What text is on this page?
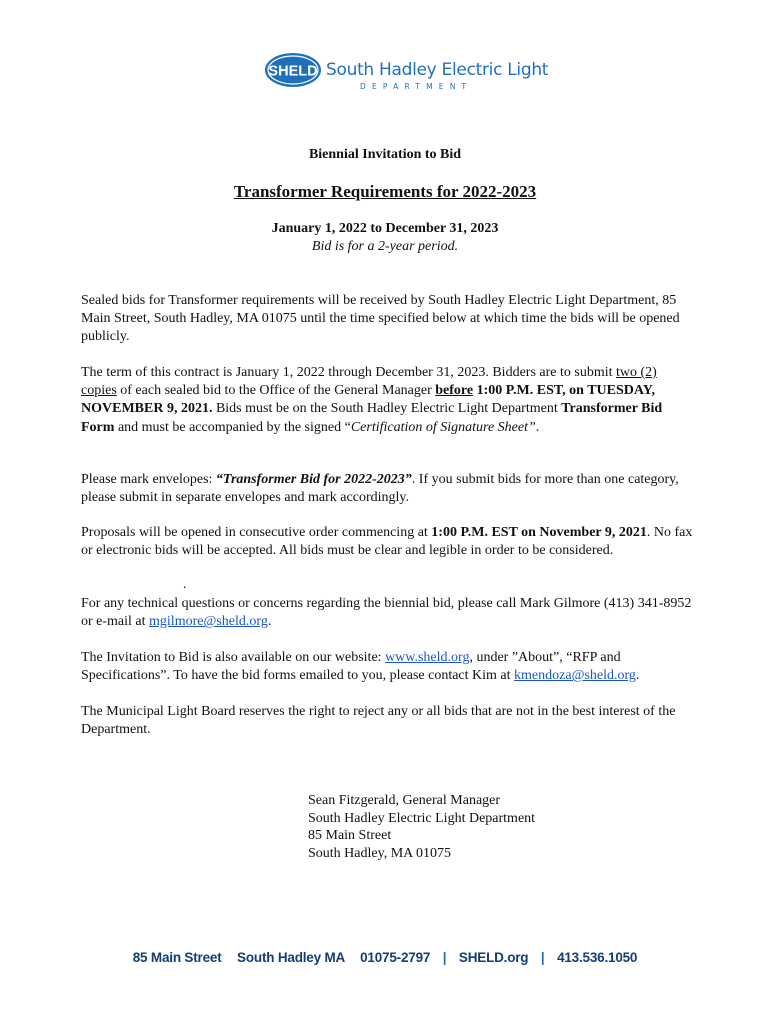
SHELD South Hadley Electric Light
DEPARTMENT
Biennial Invitation to Bid
Transformer Requirements for 2022-2023
January 1, 2022 to December 31, 2023
Bid is for a 2-year period.

Sealed bids for Transformer requirements will be received by South Hadley Electric Light Department, 85 Main Street, South Hadley, MA 01075 until the time specified below at which time the bids will be opened publicly.

The term of this contract is January 1, 2022 through December 31, 2023. Bidders are to submit two (2) copies of each sealed bid to the Office of the General Manager before 1:00 P.M. EST, on TUESDAY, NOVEMBER 9, 2021. Bids must be on the South Hadley Electric Light Department Transformer Bid Form and must be accompanied by the signed “Certification of Signature Sheet”.

Please mark envelopes: “Transformer Bid for 2022-2023”. If you submit bids for more than one category, please submit in separate envelopes and mark accordingly.

Proposals will be opened in consecutive order commencing at 1:00 P.M. EST on November 9, 2021. No fax or electronic bids will be accepted. All bids must be clear and legible in order to be considered.

.

For any technical questions or concerns regarding the biennial bid, please call Mark Gilmore (413) 341-8952 or e-mail at mgilmore@sheld.org.

The Invitation to Bid is also available on our website: www.sheld.org, under ”About”, “RFP and Specifications”. To have the bid forms emailed to you, please contact Kim at kmendoza@sheld.org.

The Municipal Light Board reserves the right to reject any or all bids that are not in the best interest of the Department.

Sean Fitzgerald, General Manager
South Hadley Electric Light Department
85 Main Street
South Hadley, MA 01075
85 Main Street South Hadley MA 01075-2797 | SHELD.org | 413.536.1050
